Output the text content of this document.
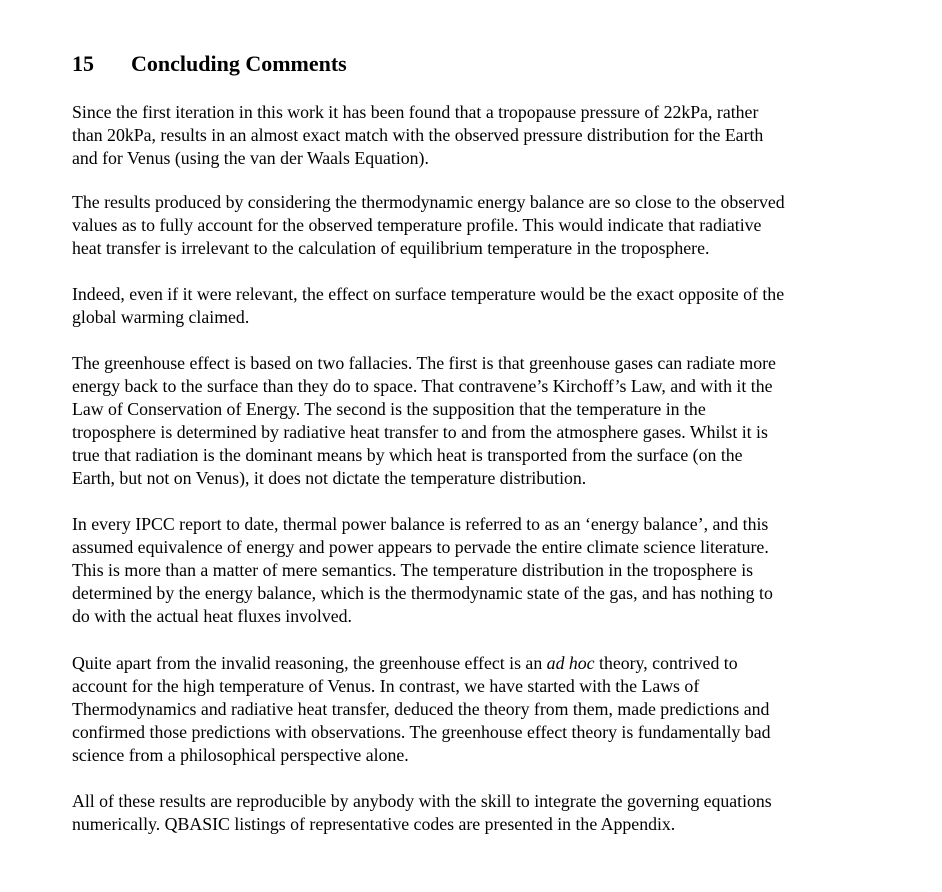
15 Concluding Comments

Since the first iteration in this work it has been found that a tropopause pressure of 22kPa, rather
than 20kPa, results in an almost exact match with the observed pressure distribution for the Earth
and for Venus (using the van der Waals Equation).

The results produced by considering the thermodynamic energy balance are so close to the observed
values as to fully account for the observed temperature profile. This would indicate that radiative
heat transfer is irrelevant to the calculation of equilibrium temperature in the troposphere.

Indeed, even if it were relevant, the effect on surface temperature would be the exact opposite of the
global warming claimed.

The greenhouse effect is based on two fallacies. The first is that greenhouse gases can radiate more
energy back to the surface than they do to space. That contravene’s Kirchoff’s Law, and with it the
Law of Conservation of Energy. The second is the supposition that the temperature in the
troposphere is determined by radiative heat transfer to and from the atmosphere gases. Whilst it is
true that radiation is the dominant means by which heat is transported from the surface (on the
Earth, but not on Venus), it does not dictate the temperature distribution.

In every IPCC report to date, thermal power balance is referred to as an ‘energy balance’, and this
assumed equivalence of energy and power appears to pervade the entire climate science literature.
This is more than a matter of mere semantics. The temperature distribution in the troposphere is
determined by the energy balance, which is the thermodynamic state of the gas, and has nothing to
do with the actual heat fluxes involved.

Quite apart from the invalid reasoning, the greenhouse effect is an ad hoc theory, contrived to
account for the high temperature of Venus. In contrast, we have started with the Laws of
Thermodynamics and radiative heat transfer, deduced the theory from them, made predictions and
confirmed those predictions with observations. The greenhouse effect theory is fundamentally bad
science from a philosophical perspective alone.

All of these results are reproducible by anybody with the skill to integrate the governing equations
numerically. QBASIC listings of representative codes are presented in the Appendix.
